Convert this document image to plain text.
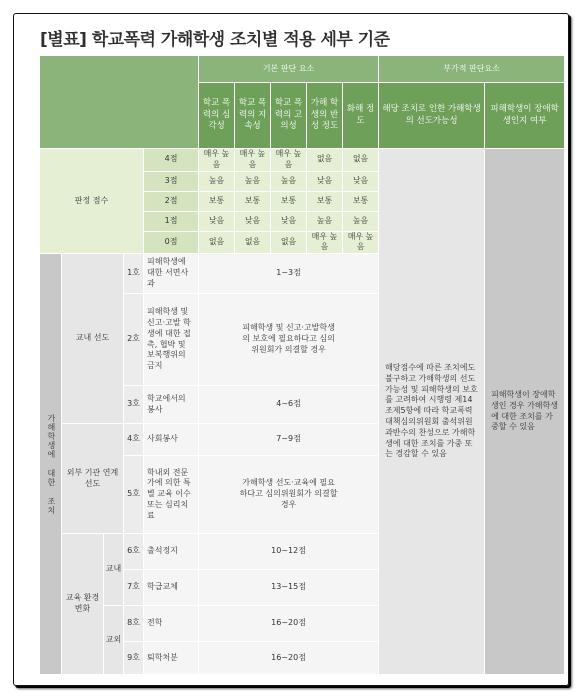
[별표] 학교폭력 가해학생 조치별 적용 세부 기준
					기본 판단 요소					부가적 판단요소	
					학교 폭력의 심각성	학교 폭력의 지속성	학교 폭력의 고의성	가해 학생의 반성 정도	화해 정도	해당 조치로 인한 가해학생의 선도가능성	피해학생이 장애학생인지 여부
판정 점수				4점	매우 높음	매우 높음	매우 높음	없음	없음	해당점수에 따른 조치에도 불구하고 가해학생의 선도가능성 및 피해학생의 보호를 고려하여 시행령 제14조제5항에 따라 학교폭력 대책심의위원회 출석위원 과반수의 찬성으로 가해학생에 대한 조치를 가중 또는 경감할 수 있음	피해학생이 장애학생인 경우 가해학생에 대한 조치를 가중할 수 있음
				3점	높음	높음	높음	낮음	낮음		
				2점	보통	보통	보통	보통	보통		
				1점	낮음	낮음	낮음	높음	높음		
				0점	없음	없음	없음	매우 높음	매우 높음		
가해학생에 대한 조치	교내 선도		1호	피해학생에 대한 서면사과	1~3점						
			2호	피해학생 및 신고·고발 학생에 대한 접촉, 협박 및 보복행위의 금지	피해학생 및 신고·고발학생의 보호에 필요하다고 심의위원회가 의결할 경우						
			3호	학교에서의 봉사	4~6점						
	외부 기관 연계 선도		4호	사회봉사	7~9점						
			5호	학내외 전문가에 의한 특별 교육 이수 또는 심리치료	가해학생 선도·교육에 필요하다고 심의위원회가 의결할 경우						
	교육 환경 변화	교내	6호	출석정지	10~12점						
			7호	학급교체	13~15점						
		교외	8호	전학	16~20점						
			9호	퇴학처분	16~20점						
